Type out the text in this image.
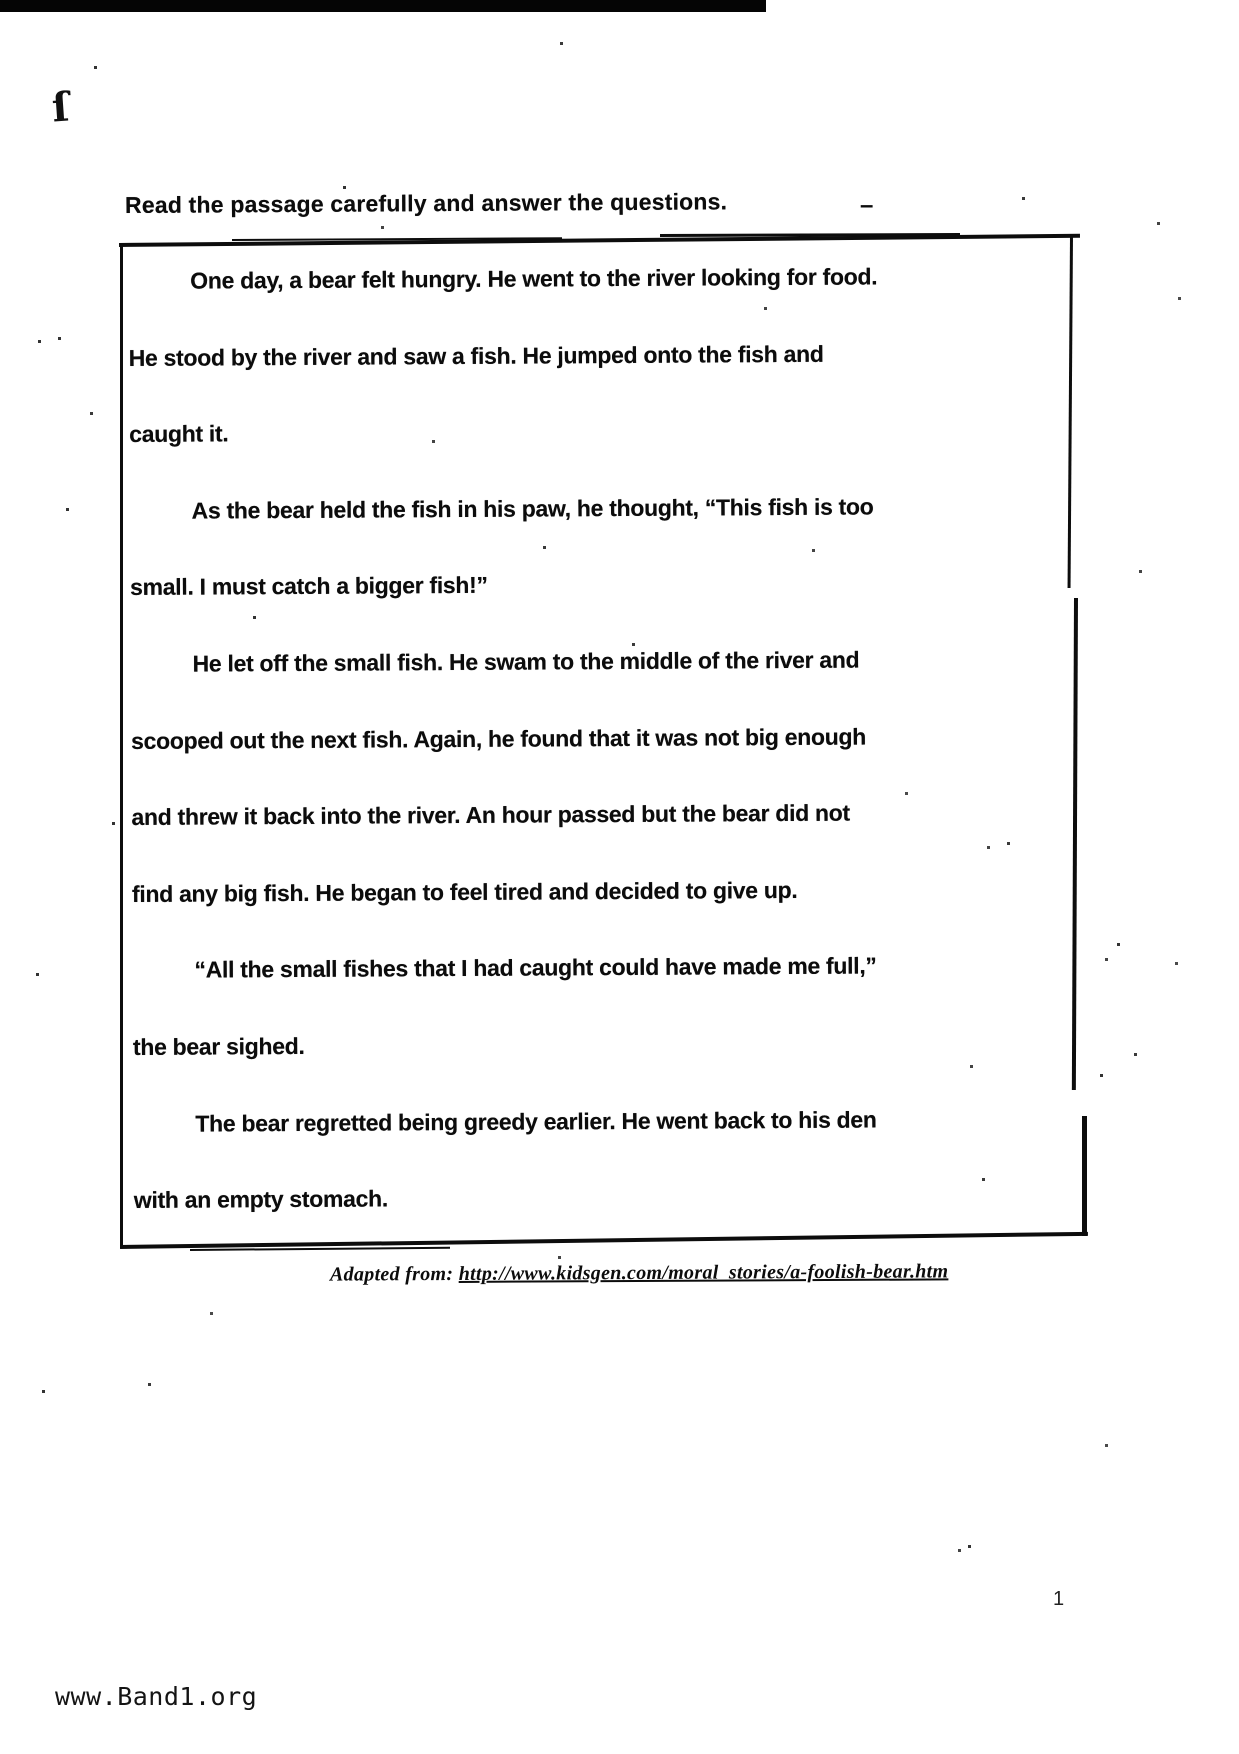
ſ
Read the passage carefully and answer the questions.	–
One day, a bear felt hungry. He went to the river looking for food.
He stood by the river and saw a fish. He jumped onto the fish and
caught it.
As the bear held the fish in his paw, he thought, “This fish is too
small. I must catch a bigger fish!”
He let off the small fish. He swam to the middle of the river and
scooped out the next fish. Again, he found that it was not big enough
and threw it back into the river. An hour passed but the bear did not
find any big fish. He began to feel tired and decided to give up.
“All the small fishes that I had caught could have made me full,”
the bear sighed.
The bear regretted being greedy earlier. He went back to his den
with an empty stomach.
Adapted from: http://www.kidsgen.com/moral_stories/a-foolish-bear.htm
1
www.Band1.org
